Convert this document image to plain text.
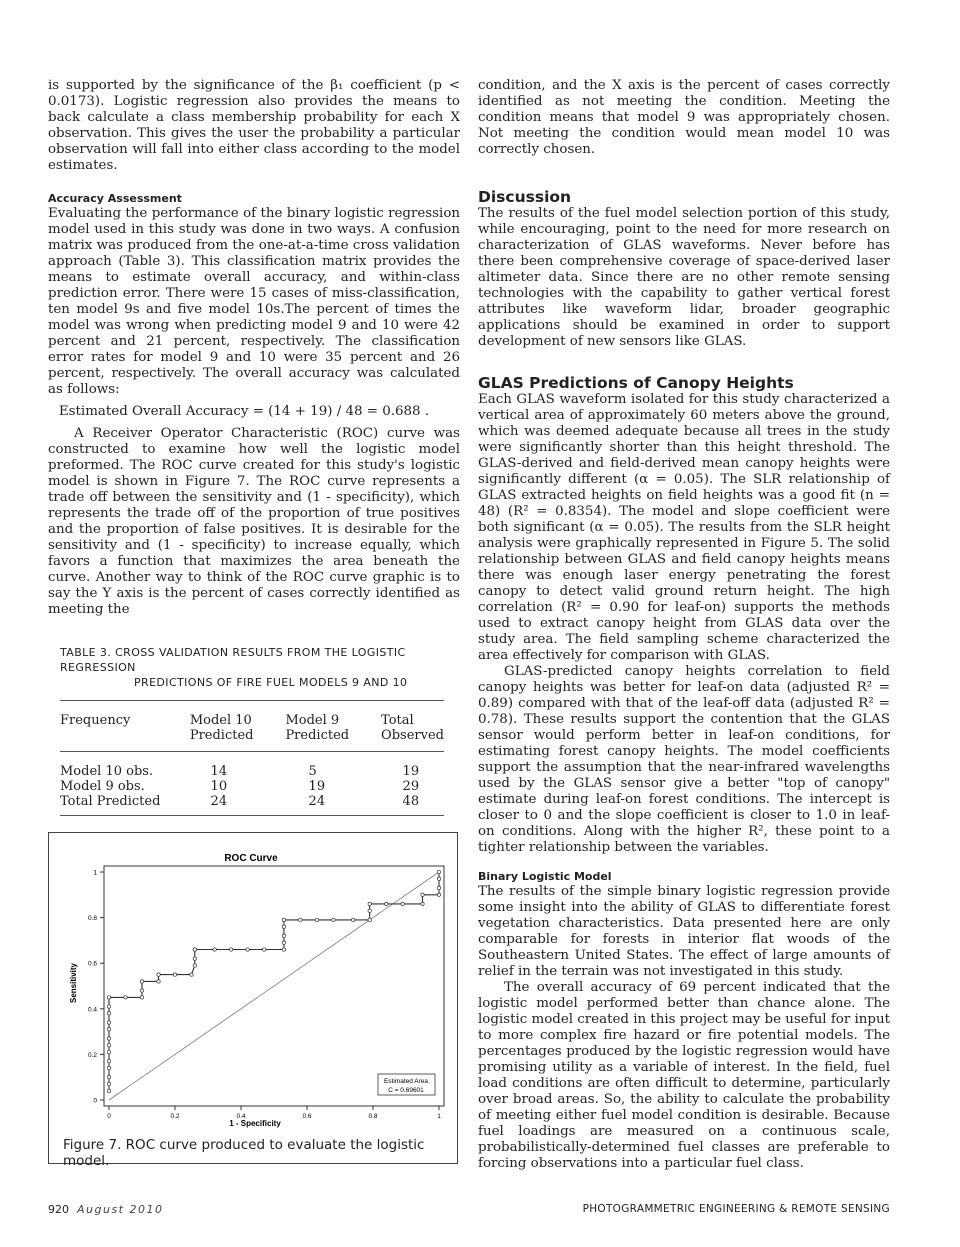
is supported by the significance of the β₁ coefficient (p < 0.0173). Logistic regression also provides the means to back calculate a class membership probability for each X observation. This gives the user the probability a particular observation will fall into either class according to the model estimates.

Accuracy Assessment

Evaluating the performance of the binary logistic regression model used in this study was done in two ways. A confusion matrix was produced from the one-at-a-time cross validation approach (Table 3). This classification matrix provides the means to estimate overall accuracy, and within-class prediction error. There were 15 cases of miss-classification, ten model 9s and five model 10s.The percent of times the model was wrong when predicting model 9 and 10 were 42 percent and 21 percent, respectively. The classification error rates for model 9 and 10 were 35 percent and 26 percent, respectively. The overall accuracy was calculated as follows:

Estimated Overall Accuracy = (14 + 19) / 48 = 0.688 .

A Receiver Operator Characteristic (ROC) curve was constructed to examine how well the logistic model preformed. The ROC curve created for this study's logistic model is shown in Figure 7. The ROC curve represents a trade off between the sensitivity and (1 - specificity), which represents the trade off of the proportion of true positives and the proportion of false positives. It is desirable for the sensitivity and (1 - specificity) to increase equally, which favors a function that maximizes the area beneath the curve. Another way to think of the ROC curve graphic is to say the Y axis is the percent of cases correctly identified as meeting the

TABLE 3. CROSS VALIDATION RESULTS FROM THE LOGISTIC REGRESSION
PREDICTIONS OF FIRE FUEL MODELS 9 AND 10
Frequency	Model 10	Model 9	Total
	Predicted	Predicted	Observed
Model 10 obs.	14	5	19
Model 9 obs.	10	19	29
Total Predicted	24	24	48
ROC Curve
1 - Specificity
Sensitivity
0	0.2	0.4	0.6	0.8	1
0
0.2
0.4
0.6
0.8
1
Estimated Area
C = 0.69601
Figure 7. ROC curve produced to evaluate the logistic model.

condition, and the X axis is the percent of cases correctly identified as not meeting the condition. Meeting the condition means that model 9 was appropriately chosen. Not meeting the condition would mean model 10 was correctly chosen.

Discussion

The results of the fuel model selection portion of this study, while encouraging, point to the need for more research on characterization of GLAS waveforms. Never before has there been comprehensive coverage of space-derived laser altimeter data. Since there are no other remote sensing technologies with the capability to gather vertical forest attributes like waveform lidar, broader geographic applications should be examined in order to support development of new sensors like GLAS.

GLAS Predictions of Canopy Heights

Each GLAS waveform isolated for this study characterized a vertical area of approximately 60 meters above the ground, which was deemed adequate because all trees in the study were significantly shorter than this height threshold. The GLAS-derived and field-derived mean canopy heights were significantly different (α = 0.05). The SLR relationship of GLAS extracted heights on field heights was a good fit (n = 48) (R² = 0.8354). The model and slope coefficient were both significant (α = 0.05). The results from the SLR height analysis were graphically represented in Figure 5. The solid relationship between GLAS and field canopy heights means there was enough laser energy penetrating the forest canopy to detect valid ground return height. The high correlation (R² = 0.90 for leaf-on) supports the methods used to extract canopy height from GLAS data over the study area. The field sampling scheme characterized the area effectively for comparison with GLAS.

GLAS-predicted canopy heights correlation to field canopy heights was better for leaf-on data (adjusted R² = 0.89) compared with that of the leaf-off data (adjusted R² = 0.78). These results support the contention that the GLAS sensor would perform better in leaf-on conditions, for estimating forest canopy heights. The model coefficients support the assumption that the near-infrared wavelengths used by the GLAS sensor give a better "top of canopy" estimate during leaf-on forest conditions. The intercept is closer to 0 and the slope coefficient is closer to 1.0 in leaf-on conditions. Along with the higher R², these point to a tighter relationship between the variables.

Binary Logistic Model

The results of the simple binary logistic regression provide some insight into the ability of GLAS to differentiate forest vegetation characteristics. Data presented here are only comparable for forests in interior flat woods of the Southeastern United States. The effect of large amounts of relief in the terrain was not investigated in this study.

The overall accuracy of 69 percent indicated that the logistic model performed better than chance alone. The logistic model created in this project may be useful for input to more complex fire hazard or fire potential models. The percentages produced by the logistic regression would have promising utility as a variable of interest. In the field, fuel load conditions are often difficult to determine, particularly over broad areas. So, the ability to calculate the probability of meeting either fuel model condition is desirable. Because fuel loadings are measured on a continuous scale, probabilistically-determined fuel classes are preferable to forcing observations into a particular fuel class.

920 August 2010	PHOTOGRAMMETRIC ENGINEERING & REMOTE SENSING
